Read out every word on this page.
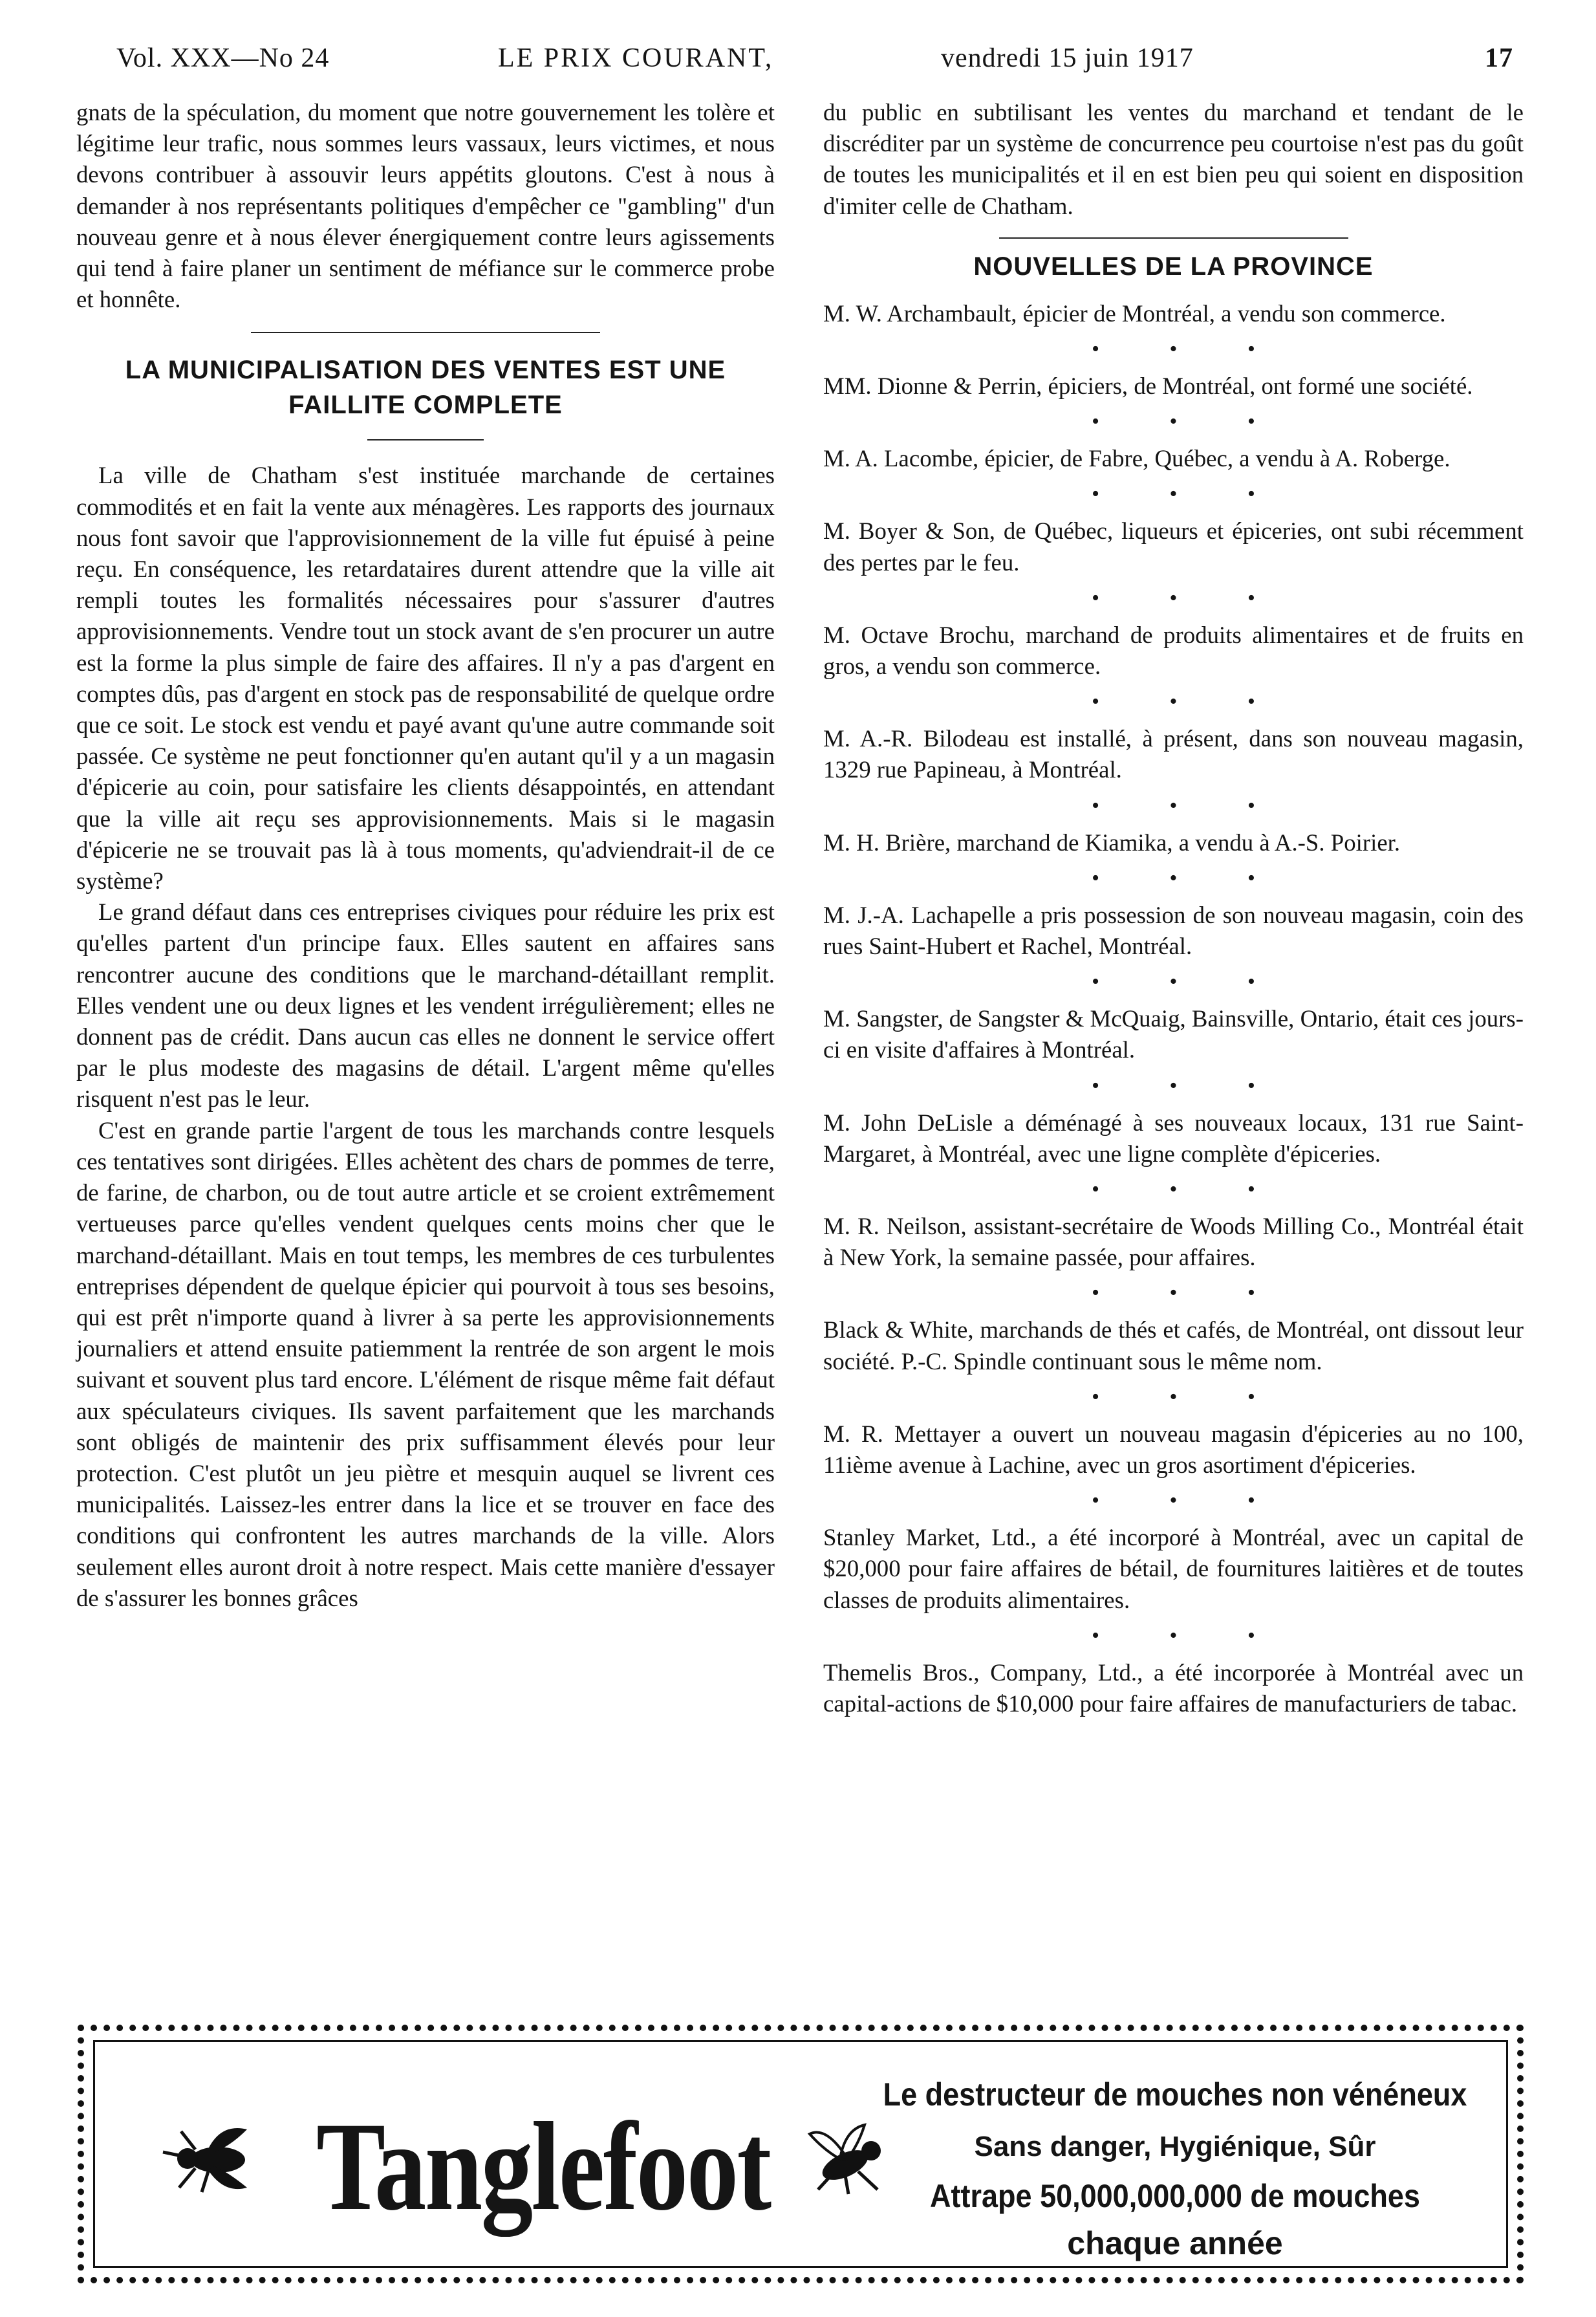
Vol. XXX—No 24	LE PRIX COURANT,	vendredi 15 juin 1917	17

gnats de la spéculation, du moment que notre gouvernement les tolère et légitime leur trafic, nous sommes leurs vassaux, leurs victimes, et nous devons contribuer à assouvir leurs appétits gloutons. C'est à nous à demander à nos représentants politiques d'empêcher ce "gambling" d'un nouveau genre et à nous élever énergiquement contre leurs agissements qui tend à faire planer un sentiment de méfiance sur le commerce probe et honnête.

LA MUNICIPALISATION DES VENTES EST UNE

FAILLITE COMPLETE

La ville de Chatham s'est instituée marchande de certaines commodités et en fait la vente aux ménagères. Les rapports des journaux nous font savoir que l'approvisionnement de la ville fut épuisé à peine reçu. En conséquence, les retardataires durent attendre que la ville ait rempli toutes les formalités nécessaires pour s'assurer d'autres approvisionnements. Vendre tout un stock avant de s'en procurer un autre est la forme la plus simple de faire des affaires. Il n'y a pas d'argent en comptes dûs, pas d'argent en stock pas de responsabilité de quelque ordre que ce soit. Le stock est vendu et payé avant qu'une autre commande soit passée. Ce système ne peut fonctionner qu'en autant qu'il y a un magasin d'épicerie au coin, pour satisfaire les clients désappointés, en attendant que la ville ait reçu ses approvisionnements. Mais si le magasin d'épicerie ne se trouvait pas là à tous moments, qu'adviendrait-il de ce système?

Le grand défaut dans ces entreprises civiques pour réduire les prix est qu'elles partent d'un principe faux. Elles sautent en affaires sans rencontrer aucune des conditions que le marchand-détaillant remplit. Elles vendent une ou deux lignes et les vendent irrégulièrement; elles ne donnent pas de crédit. Dans aucun cas elles ne donnent le service offert par le plus modeste des magasins de détail. L'argent même qu'elles risquent n'est pas le leur.

C'est en grande partie l'argent de tous les marchands contre lesquels ces tentatives sont dirigées. Elles achètent des chars de pommes de terre, de farine, de charbon, ou de tout autre article et se croient extrêmement vertueuses parce qu'elles vendent quelques cents moins cher que le marchand-détaillant. Mais en tout temps, les membres de ces turbulentes entreprises dépendent de quelque épicier qui pourvoit à tous ses besoins, qui est prêt n'importe quand à livrer à sa perte les approvisionnements journaliers et attend ensuite patiemment la rentrée de son argent le mois suivant et souvent plus tard encore. L'élément de risque même fait défaut aux spéculateurs civiques. Ils savent parfaitement que les marchands sont obligés de maintenir des prix suffisamment élevés pour leur protection. C'est plutôt un jeu piètre et mesquin auquel se livrent ces municipalités. Laissez-les entrer dans la lice et se trouver en face des conditions qui confrontent les autres marchands de la ville. Alors seulement elles auront droit à notre respect. Mais cette manière d'essayer de s'assurer les bonnes grâces

du public en subtilisant les ventes du marchand et tendant de le discréditer par un système de concurrence peu courtoise n'est pas du goût de toutes les municipalités et il en est bien peu qui soient en disposition d'imiter celle de Chatham.

NOUVELLES DE LA PROVINCE

M. W. Archambault, épicier de Montréal, a vendu son commerce.

• • •

MM. Dionne & Perrin, épiciers, de Montréal, ont formé une société.

• • •

M. A. Lacombe, épicier, de Fabre, Québec, a vendu à A. Roberge.

• • •

M. Boyer & Son, de Québec, liqueurs et épiceries, ont subi récemment des pertes par le feu.

• • •

M. Octave Brochu, marchand de produits alimentaires et de fruits en gros, a vendu son commerce.

• • •

M. A.-R. Bilodeau est installé, à présent, dans son nouveau magasin, 1329 rue Papineau, à Montréal.

• • •

M. H. Brière, marchand de Kiamika, a vendu à A.-S. Poirier.

• • •

M. J.-A. Lachapelle a pris possession de son nouveau magasin, coin des rues Saint-Hubert et Rachel, Montréal.

• • •

M. Sangster, de Sangster & McQuaig, Bainsville, Ontario, était ces jours-ci en visite d'affaires à Montréal.

• • •

M. John DeLisle a déménagé à ses nouveaux locaux, 131 rue Saint-Margaret, à Montréal, avec une ligne complète d'épiceries.

• • •

M. R. Neilson, assistant-secrétaire de Woods Milling Co., Montréal était à New York, la semaine passée, pour affaires.

• • •

Black & White, marchands de thés et cafés, de Montréal, ont dissout leur société. P.-C. Spindle continuant sous le même nom.

• • •

M. R. Mettayer a ouvert un nouveau magasin d'épiceries au no 100, 11ième avenue à Lachine, avec un gros asortiment d'épiceries.

• • •

Stanley Market, Ltd., a été incorporé à Montréal, avec un capital de $20,000 pour faire affaires de bétail, de fournitures laitières et de toutes classes de produits alimentaires.

• • •

Themelis Bros., Company, Ltd., a été incorporée à Montréal avec un capital-actions de $10,000 pour faire affaires de manufacturiers de tabac.

Tanglefoot
Le destructeur de mouches non vénéneux
Sans danger, Hygiénique, Sûr
Attrape 50,000,000,000 de mouches
chaque année
